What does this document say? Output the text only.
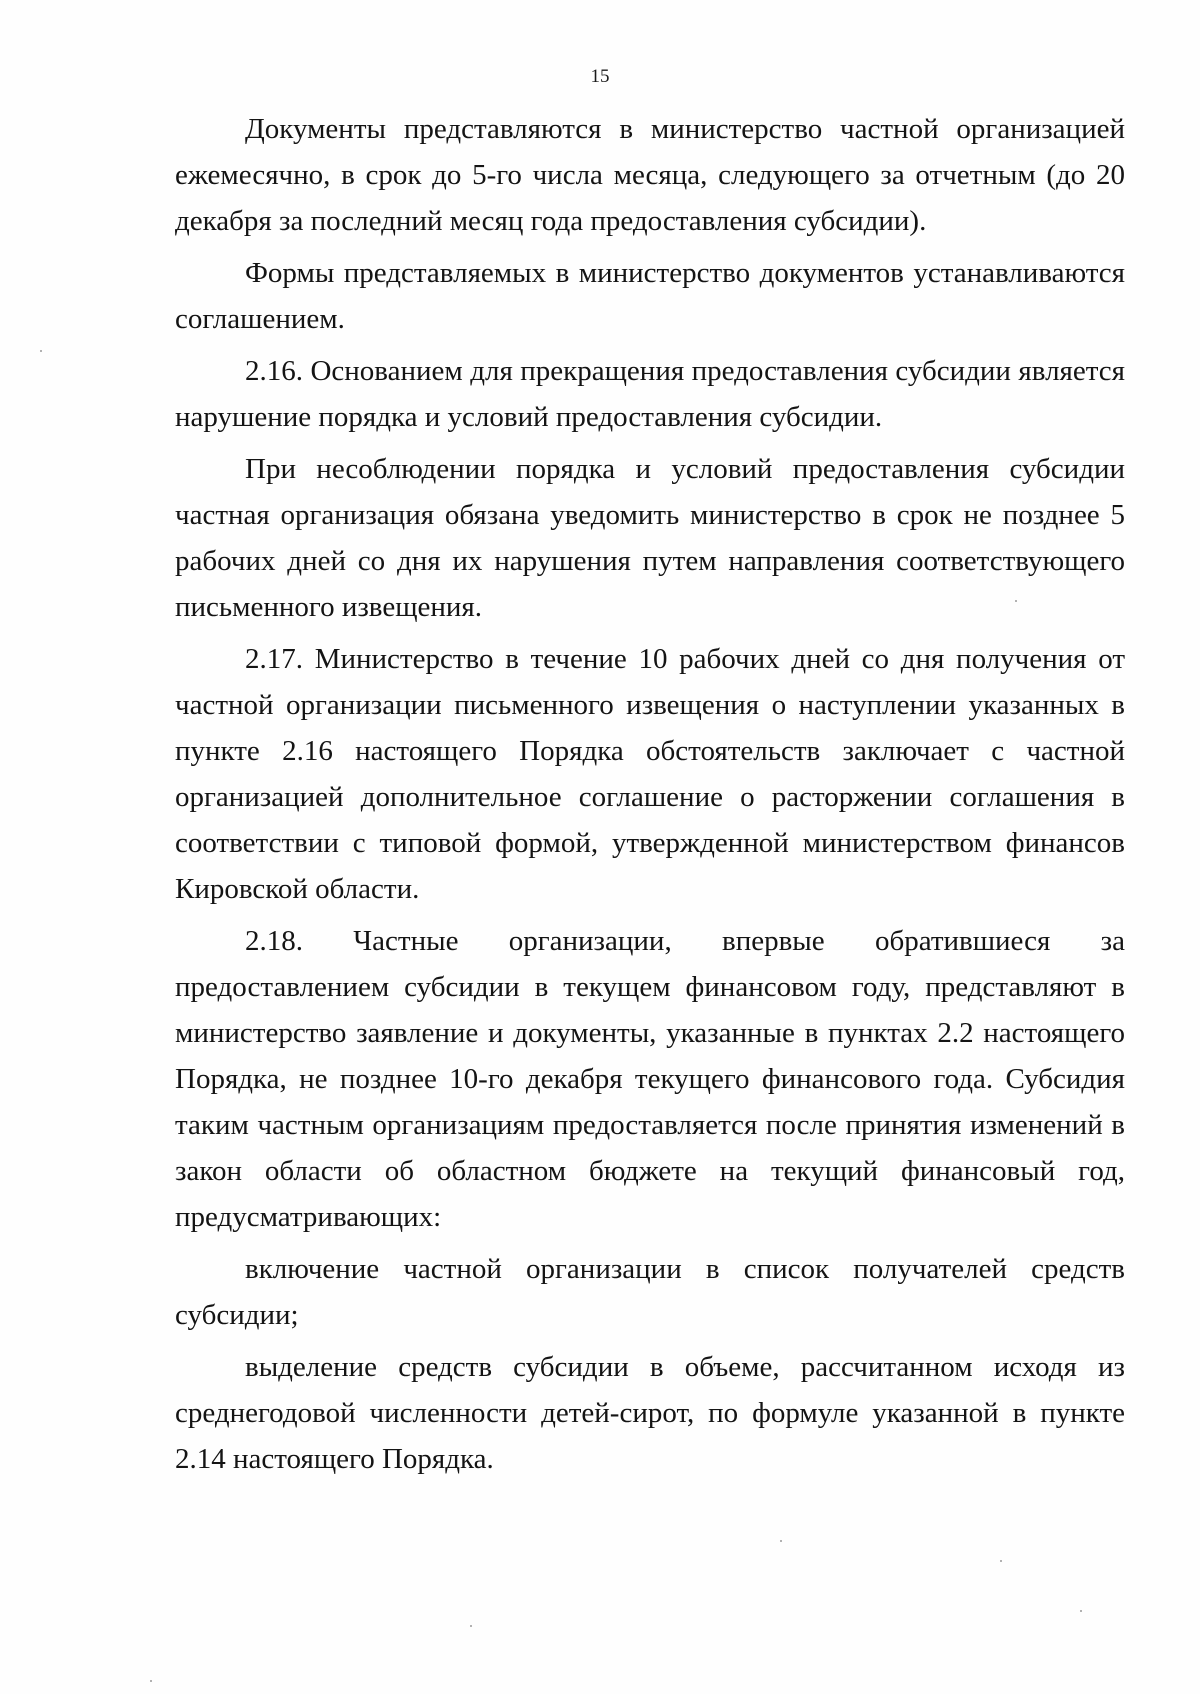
15

Документы представляются в министерство частной организацией ежемесячно, в срок до 5-го числа месяца, следующего за отчетным (до 20 декабря за последний месяц года предоставления субсидии).

Формы представляемых в министерство документов устанавливаются соглашением.

2.16. Основанием для прекращения предоставления субсидии является нарушение порядка и условий предоставления субсидии.

При несоблюдении порядка и условий предоставления субсидии частная организация обязана уведомить министерство в срок не позднее 5 рабочих дней со дня их нарушения путем направления соответствующего письменного извещения.

2.17. Министерство в течение 10 рабочих дней со дня получения от частной организации письменного извещения о наступлении указанных в пункте 2.16 настоящего Порядка обстоятельств заключает с частной организацией дополнительное соглашение о расторжении соглашения в соответствии с типовой формой, утвержденной министерством финансов Кировской области.

2.18. Частные организации, впервые обратившиеся за предоставлением субсидии в текущем финансовом году, представляют в министерство заявление и документы, указанные в пунктах 2.2 настоящего Порядка, не позднее 10-го декабря текущего финансового года. Субсидия таким частным организациям предоставляется после принятия изменений в закон области об областном бюджете на текущий финансовый год, предусматривающих:

включение частной организации в список получателей средств субсидии;

выделение средств субсидии в объеме, рассчитанном исходя из среднегодовой численности детей-сирот, по формуле указанной в пункте 2.14 настоящего Порядка.
